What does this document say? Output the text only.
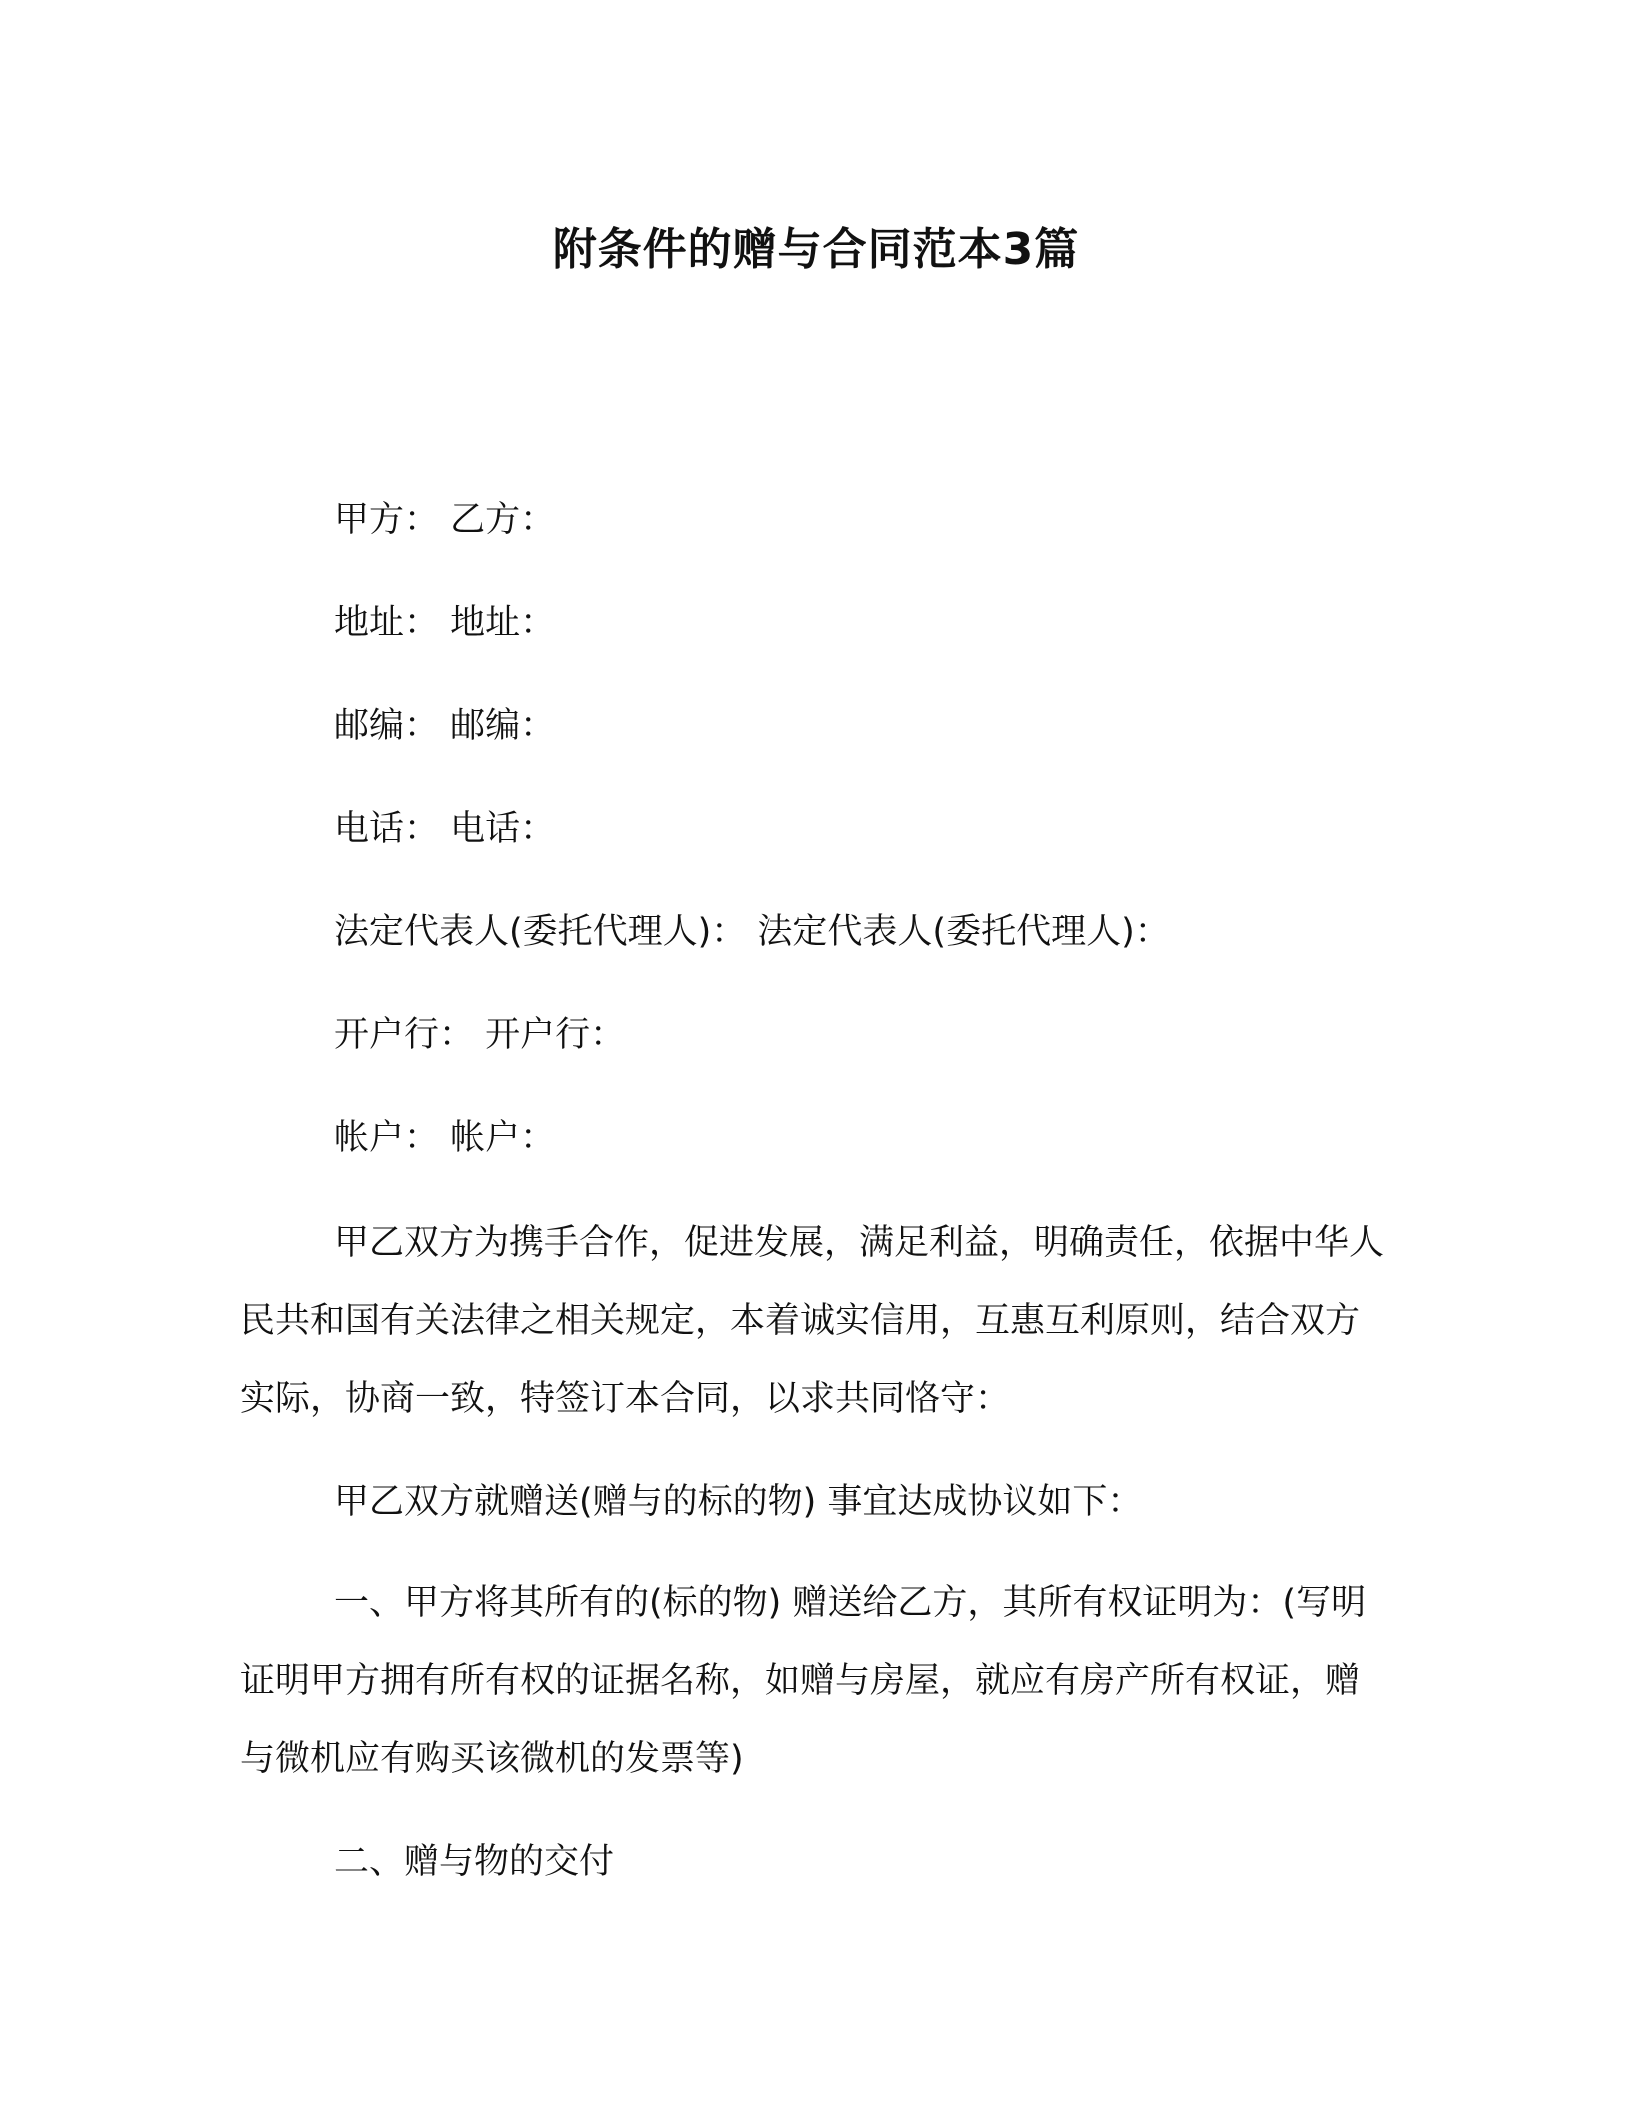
附条件的赠与合同范本3篇
甲方： 乙方：
地址： 地址：
邮编： 邮编：
电话： 电话：
法定代表人(委托代理人)： 法定代表人(委托代理人)：
开户行： 开户行：
帐户： 帐户：
甲乙双方为携手合作，促进发展，满足利益，明确责任，依据中华人民共和国有关法律之相关规定，本着诚实信用，互惠互利原则，结合双方实际，协商一致，特签订本合同，以求共同恪守：
甲乙双方就赠送(赠与的标的物) 事宜达成协议如下：
一、甲方将其所有的(标的物) 赠送给乙方，其所有权证明为：(写明证明甲方拥有所有权的证据名称，如赠与房屋，就应有房产所有权证，赠与微机应有购买该微机的发票等)
二、赠与物的交付
